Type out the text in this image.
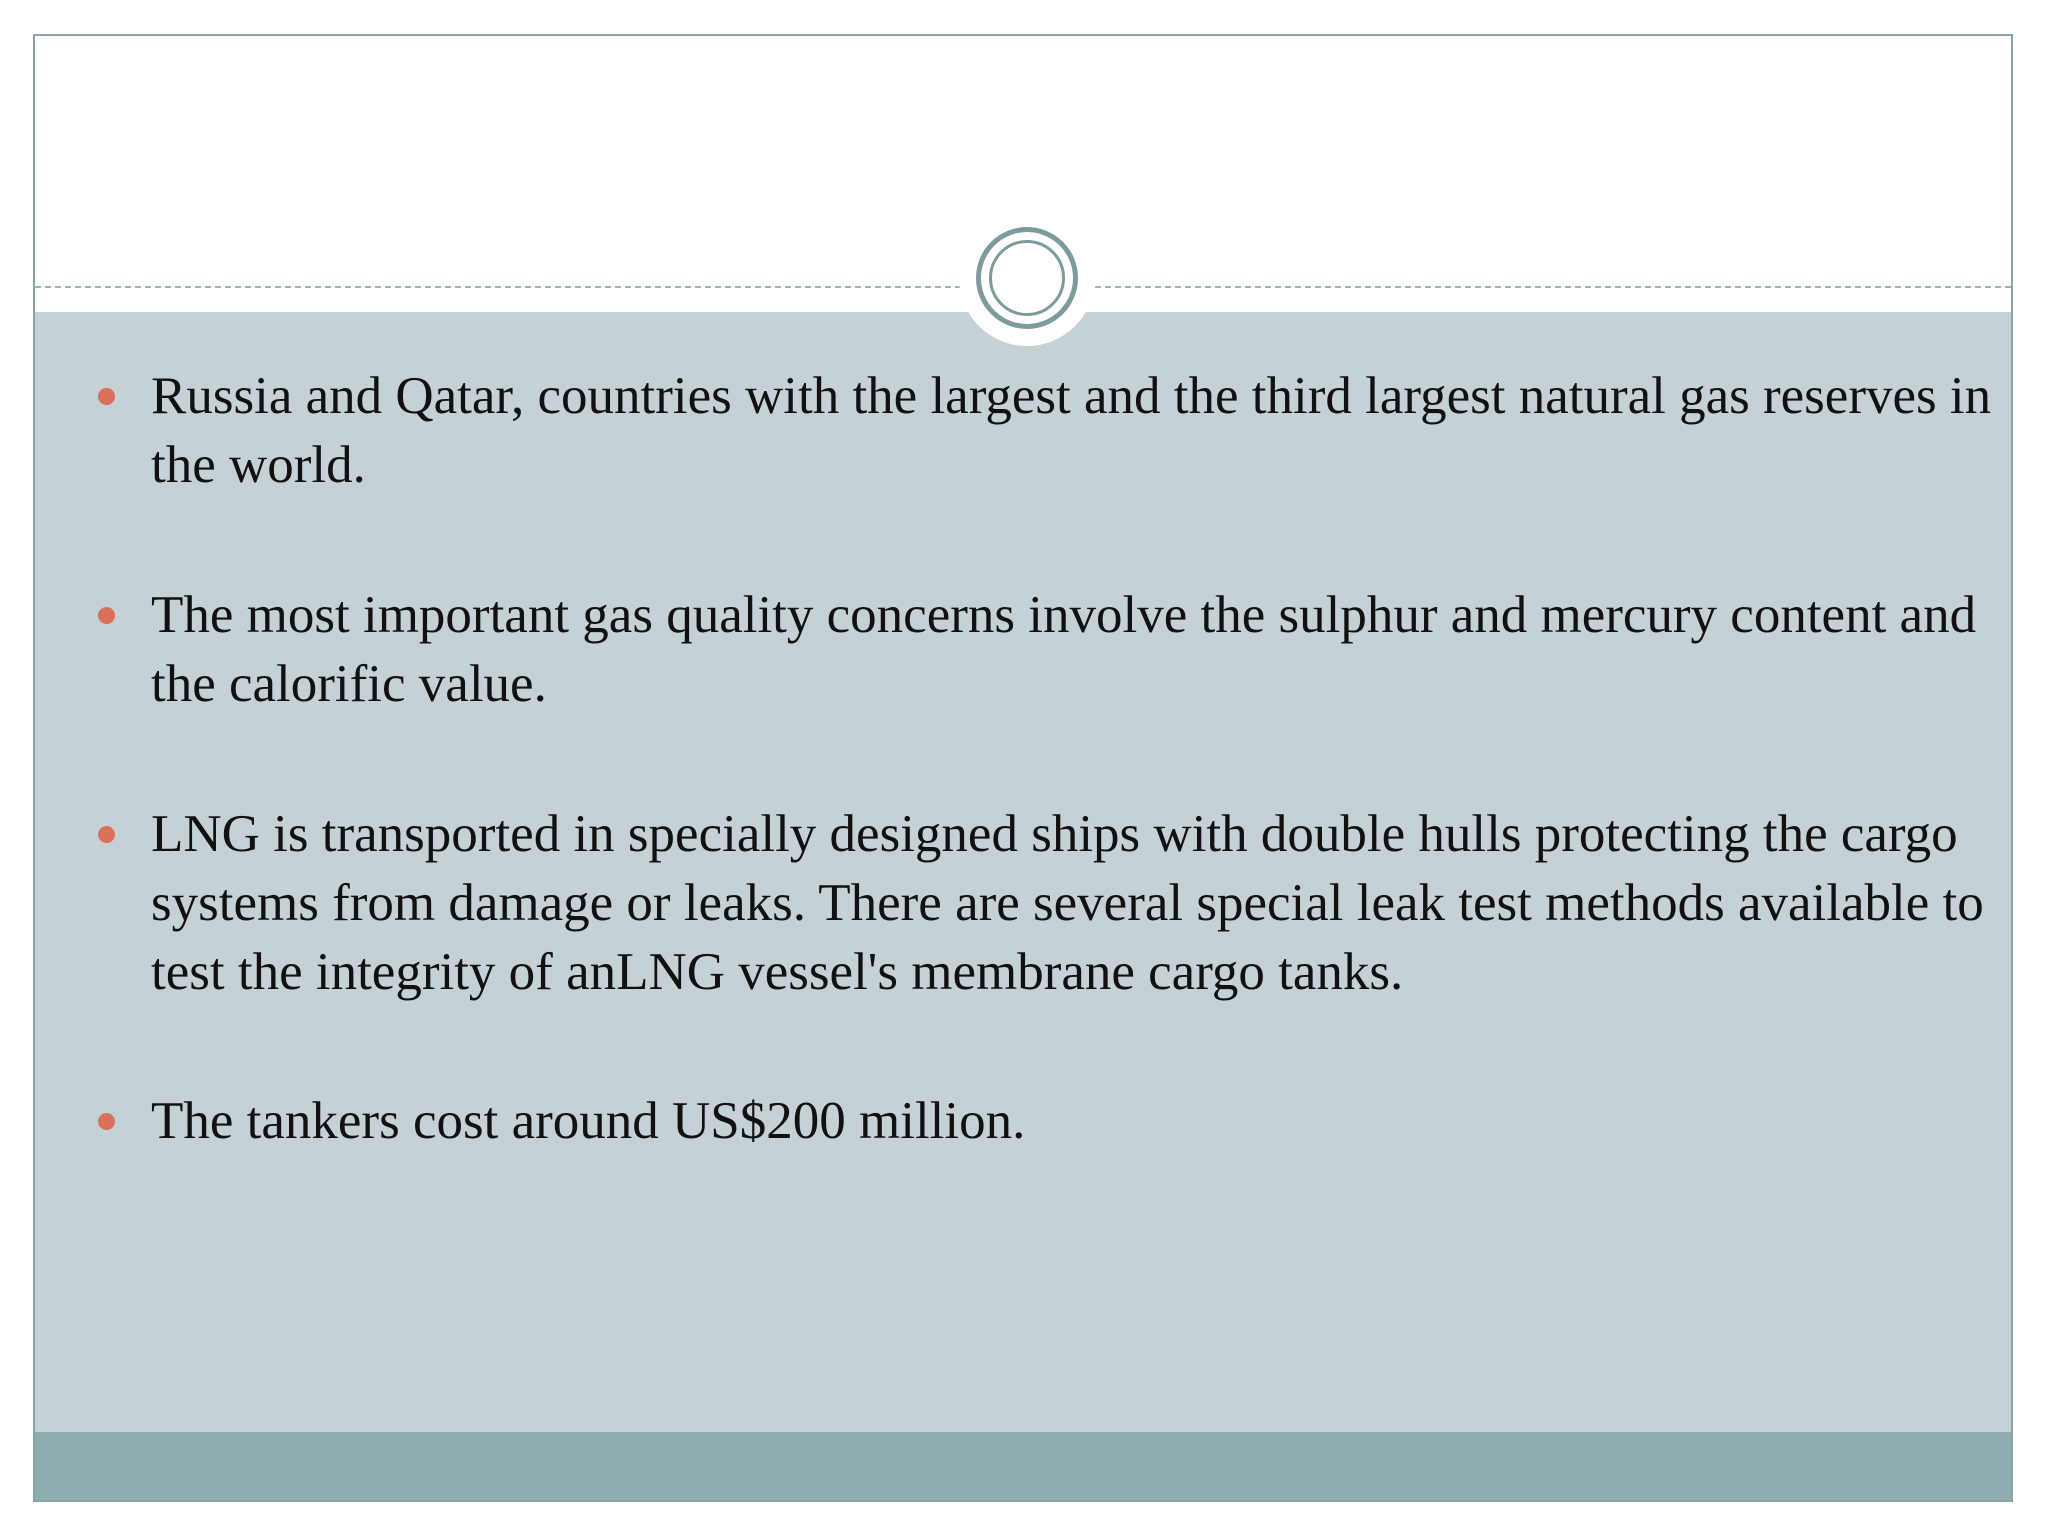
Russia and Qatar, countries with the largest and the third largest natural gas reserves in the world.
The most important gas quality concerns involve the sulphur and mercury content and the calorific value.
LNG is transported in specially designed ships with double hulls protecting the cargo systems from damage or leaks. There are several special leak test methods available to test the integrity of anLNG vessel's membrane cargo tanks.
The tankers cost around US$200 million.
